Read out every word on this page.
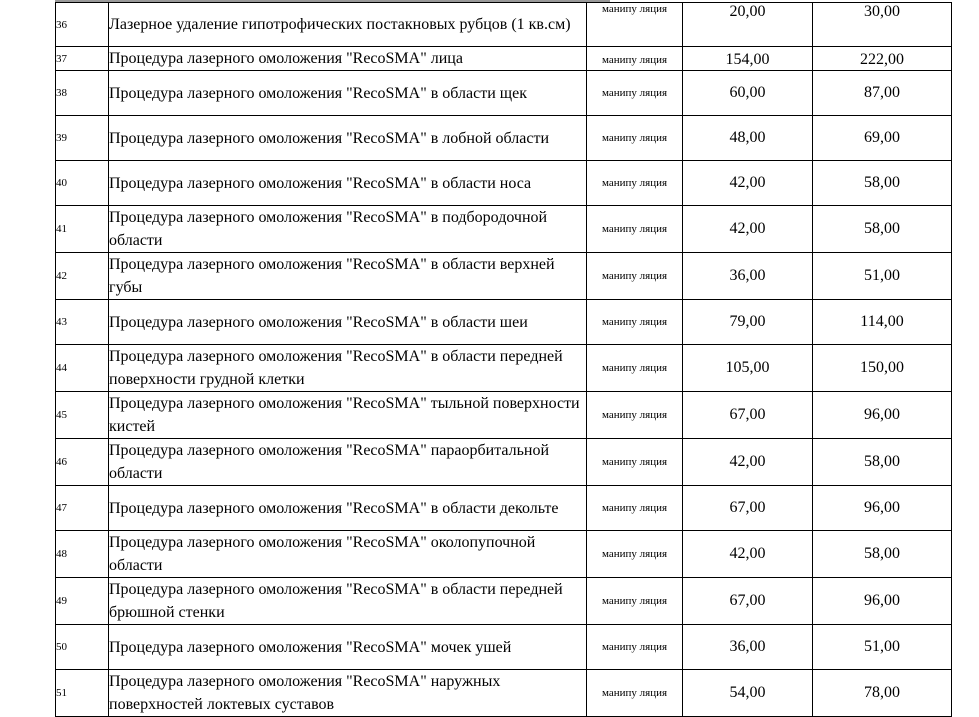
36	Лазерное удаление гипотрофических постакновых рубцов (1 кв.см)	манипу ляция	20,00	30,00
37	Процедура лазерного омоложения "RecoSMA" лица	манипу ляция	154,00	222,00
38	Процедура лазерного омоложения "RecoSMA" в области щек	манипу ляция	60,00	87,00
39	Процедура лазерного омоложения "RecoSMA" в лобной области	манипу ляция	48,00	69,00
40	Процедура лазерного омоложения "RecoSMA" в области носа	манипу ляция	42,00	58,00
41	Процедура лазерного омоложения "RecoSMA" в подбородочной области	манипу ляция	42,00	58,00
42	Процедура лазерного омоложения "RecoSMA" в области верхней губы	манипу ляция	36,00	51,00
43	Процедура лазерного омоложения "RecoSMA" в области шеи	манипу ляция	79,00	114,00
44	Процедура лазерного омоложения "RecoSMA" в области передней поверхности грудной клетки	манипу ляция	105,00	150,00
45	Процедура лазерного омоложения "RecoSMA" тыльной поверхности кистей	манипу ляция	67,00	96,00
46	Процедура лазерного омоложения "RecoSMA" параорбитальной области	манипу ляция	42,00	58,00
47	Процедура лазерного омоложения "RecoSMA" в области декольте	манипу ляция	67,00	96,00
48	Процедура лазерного омоложения "RecoSMA" околопупочной области	манипу ляция	42,00	58,00
49	Процедура лазерного омоложения "RecoSMA" в области передней брюшной стенки	манипу ляция	67,00	96,00
50	Процедура лазерного омоложения "RecoSMA" мочек ушей	манипу ляция	36,00	51,00
51	Процедура лазерного омоложения "RecoSMA" наружных поверхностей локтевых суставов	манипу ляция	54,00	78,00
